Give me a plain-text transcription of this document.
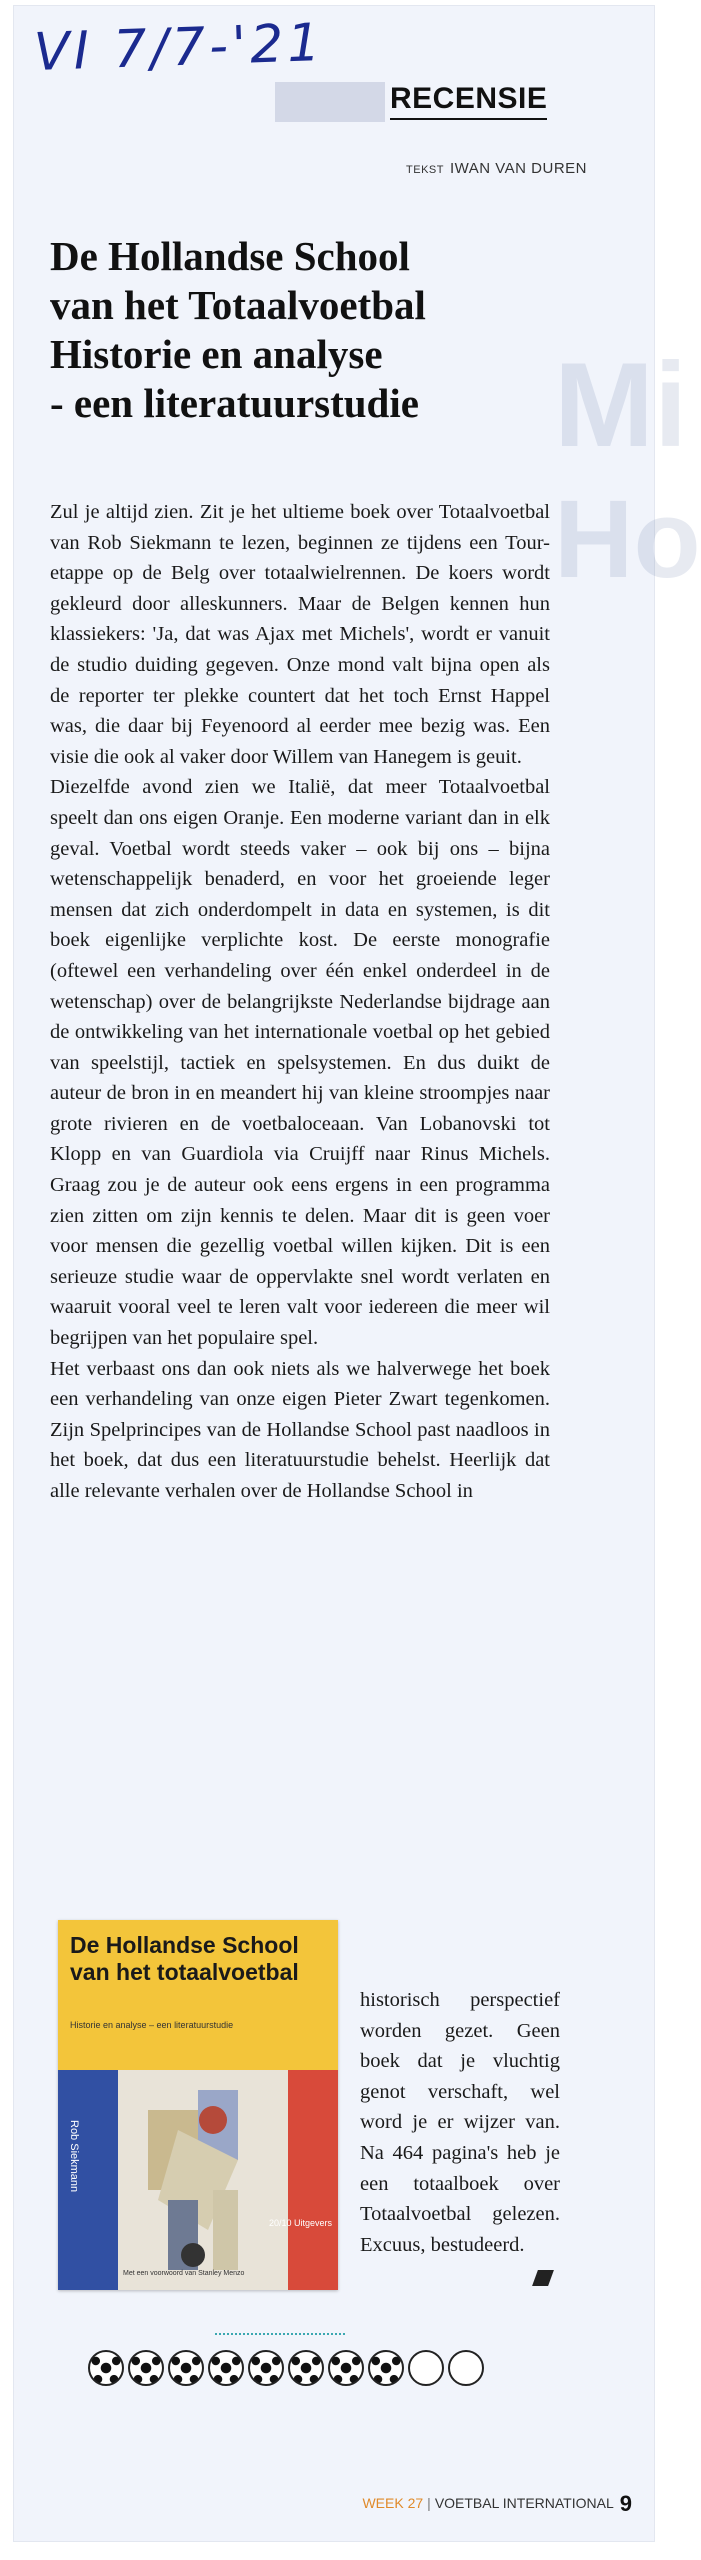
Mi
Ho
VI 7/7-'21
RECENSIE
TEKST IWAN VAN DUREN
De Hollandse School
van het Totaalvoetbal
Historie en analyse
- een literatuurstudie

Zul je altijd zien. Zit je het ultieme boek over Totaalvoetbal van Rob Siekmann te lezen, beginnen ze tijdens een Tour-etappe op de Belg over totaalwielrennen. De koers wordt gekleurd door alleskunners. Maar de Belgen kennen hun klassiekers: 'Ja, dat was Ajax met Michels', wordt er vanuit de studio duiding gegeven. Onze mond valt bijna open als de reporter ter plekke countert dat het toch Ernst Happel was, die daar bij Feyenoord al eerder mee bezig was. Een visie die ook al vaker door Willem van Hanegem is geuit.

Diezelfde avond zien we Italië, dat meer Totaalvoetbal speelt dan ons eigen Oranje. Een moderne variant dan in elk geval. Voetbal wordt steeds vaker – ook bij ons – bijna wetenschappelijk benaderd, en voor het groeiende leger mensen dat zich onderdompelt in data en systemen, is dit boek eigenlijke verplichte kost. De eerste monografie (oftewel een verhandeling over één enkel onderdeel in de wetenschap) over de belangrijkste Nederlandse bijdrage aan de ontwikkeling van het internationale voetbal op het gebied van speelstijl, tactiek en spelsystemen. En dus duikt de auteur de bron in en meandert hij van kleine stroompjes naar grote rivieren en de voetbaloceaan. Van Lobanovski tot Klopp en van Guardiola via Cruijff naar Rinus Michels. Graag zou je de auteur ook eens ergens in een programma zien zitten om zijn kennis te delen. Maar dit is geen voer voor mensen die gezellig voetbal willen kijken. Dit is een serieuze studie waar de oppervlakte snel wordt verlaten en waaruit vooral veel te leren valt voor iedereen die meer wil begrijpen van het populaire spel.

Het verbaast ons dan ook niets als we halverwege het boek een verhandeling van onze eigen Pieter Zwart tegenkomen. Zijn Spelprincipes van de Hollandse School past naadloos in het boek, dat dus een literatuurstudie behelst. Heerlijk dat alle relevante verhalen over de Hollandse School in

historisch perspectief worden gezet. Geen boek dat je vluchtig genot verschaft, wel word je er wijzer van. Na 464 pagina's heb je een totaalboek over Totaalvoetbal gelezen. Excuus, bestudeerd.
De Hollandse School van het totaalvoetbal
Historie en analyse – een literatuurstudie
Rob Siekmann
20/10 Uitgevers
Met een voorwoord van Stanley Menzo
WEEK 27 | VOETBAL INTERNATIONAL 9
